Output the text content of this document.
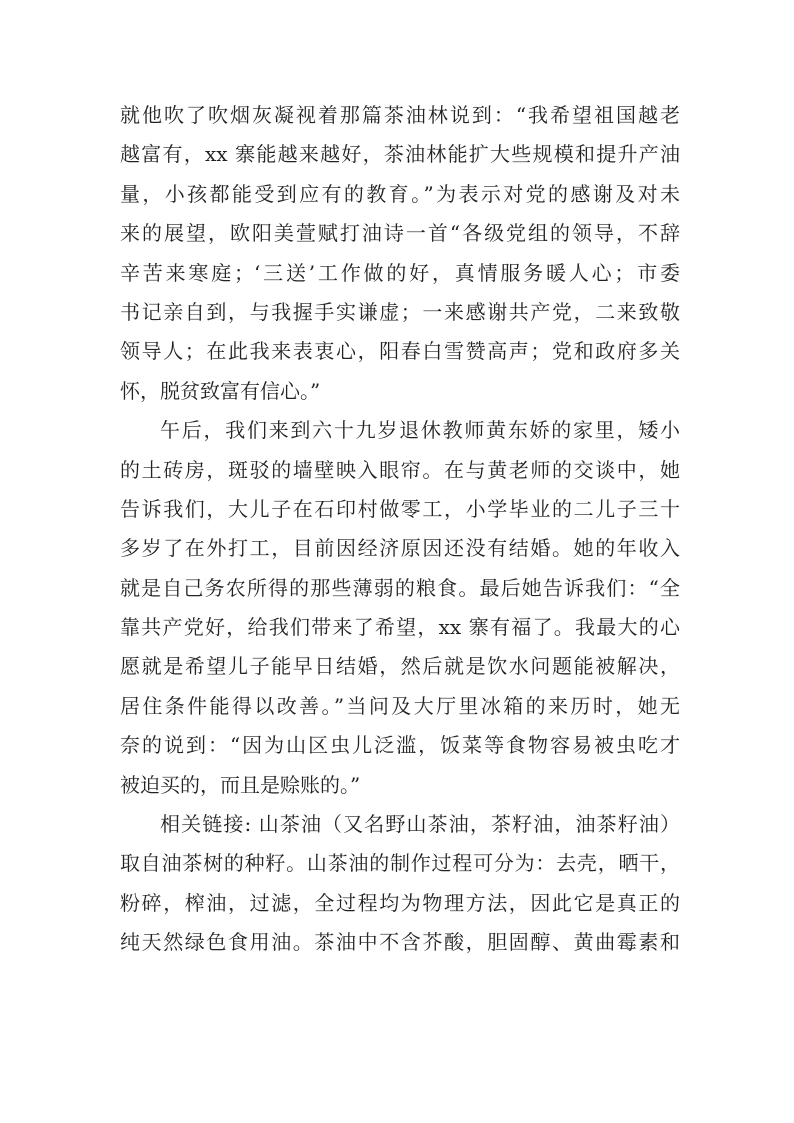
就他吹了吹烟灰凝视着那篇茶油林说到：“我希望祖国越老
越富有，xx 寨能越来越好，茶油林能扩大些规模和提升产油
量，小孩都能受到应有的教育。”为表示对党的感谢及对未
来的展望，欧阳美萱赋打油诗一首“各级党组的领导，不辞
辛苦来寒庭；‘三送’工作做的好，真情服务暖人心；市委
书记亲自到，与我握手实谦虚；一来感谢共产党，二来致敬
领导人；在此我来表衷心，阳春白雪赞高声；党和政府多关
怀，脱贫致富有信心。”
午后，我们来到六十九岁退休教师黄东娇的家里，矮小
的土砖房，斑驳的墙壁映入眼帘。在与黄老师的交谈中，她
告诉我们，大儿子在石印村做零工，小学毕业的二儿子三十
多岁了在外打工，目前因经济原因还没有结婚。她的年收入
就是自己务农所得的那些薄弱的粮食。最后她告诉我们：“全
靠共产党好，给我们带来了希望，xx 寨有福了。我最大的心
愿就是希望儿子能早日结婚，然后就是饮水问题能被解决，
居住条件能得以改善。”当问及大厅里冰箱的来历时，她无
奈的说到：“因为山区虫儿泛滥，饭菜等食物容易被虫吃才
被迫买的，而且是赊账的。”
相关链接: 山茶油（又名野山茶油，茶籽油，油茶籽油）
取自油茶树的种籽。山茶油的制作过程可分为：去壳，晒干，
粉碎，榨油，过滤，全过程均为物理方法，因此它是真正的
纯天然绿色食用油。茶油中不含芥酸，胆固醇、黄曲霉素和
